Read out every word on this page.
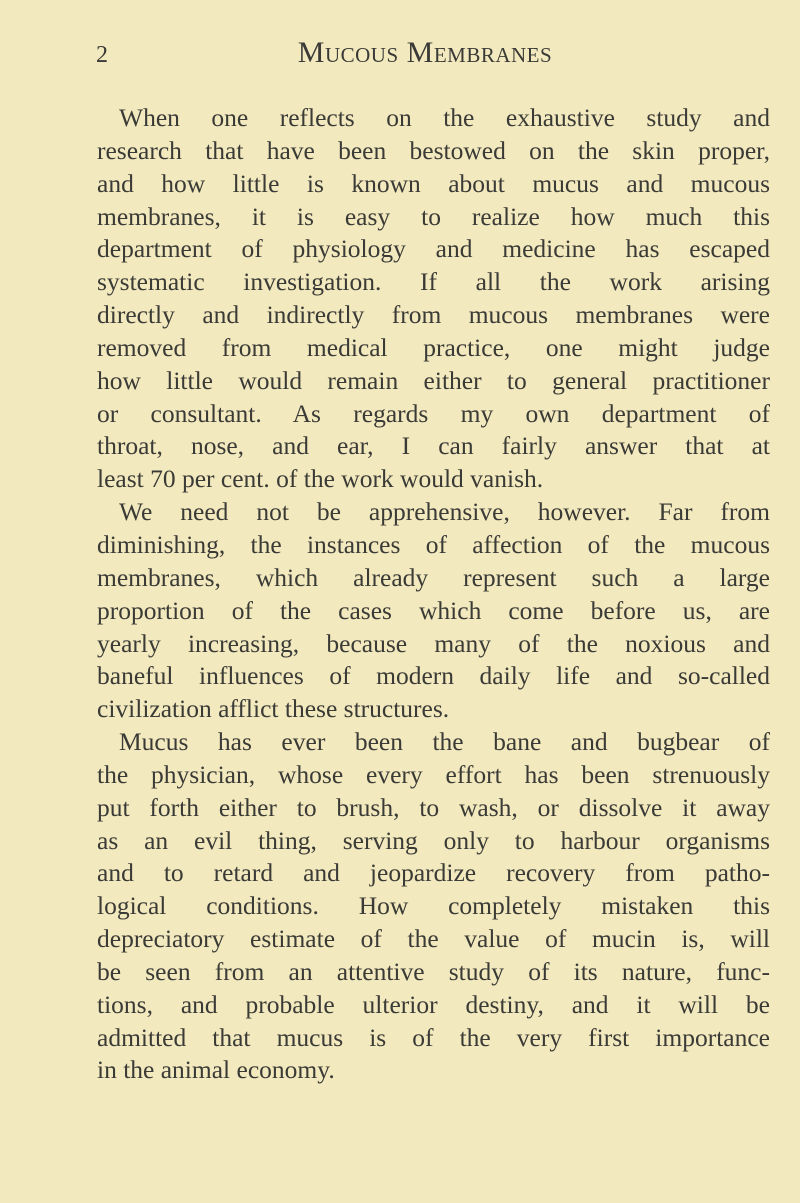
2	Mucous Membranes
When one reflects on the exhaustive study and
research that have been bestowed on the skin proper,
and how little is known about mucus and mucous
membranes, it is easy to realize how much this
department of physiology and medicine has escaped
systematic investigation. If all the work arising
directly and indirectly from mucous membranes were
removed from medical practice, one might judge
how little would remain either to general practitioner
or consultant. As regards my own department of
throat, nose, and ear, I can fairly answer that at
least 70 per cent. of the work would vanish.
We need not be apprehensive, however. Far from
diminishing, the instances of affection of the mucous
membranes, which already represent such a large
proportion of the cases which come before us, are
yearly increasing, because many of the noxious and
baneful influences of modern daily life and so-called
civilization afflict these structures.
Mucus has ever been the bane and bugbear of
the physician, whose every effort has been strenuously
put forth either to brush, to wash, or dissolve it away
as an evil thing, serving only to harbour organisms
and to retard and jeopardize recovery from patho-
logical conditions. How completely mistaken this
depreciatory estimate of the value of mucin is, will
be seen from an attentive study of its nature, func-
tions, and probable ulterior destiny, and it will be
admitted that mucus is of the very first importance
in the animal economy.
